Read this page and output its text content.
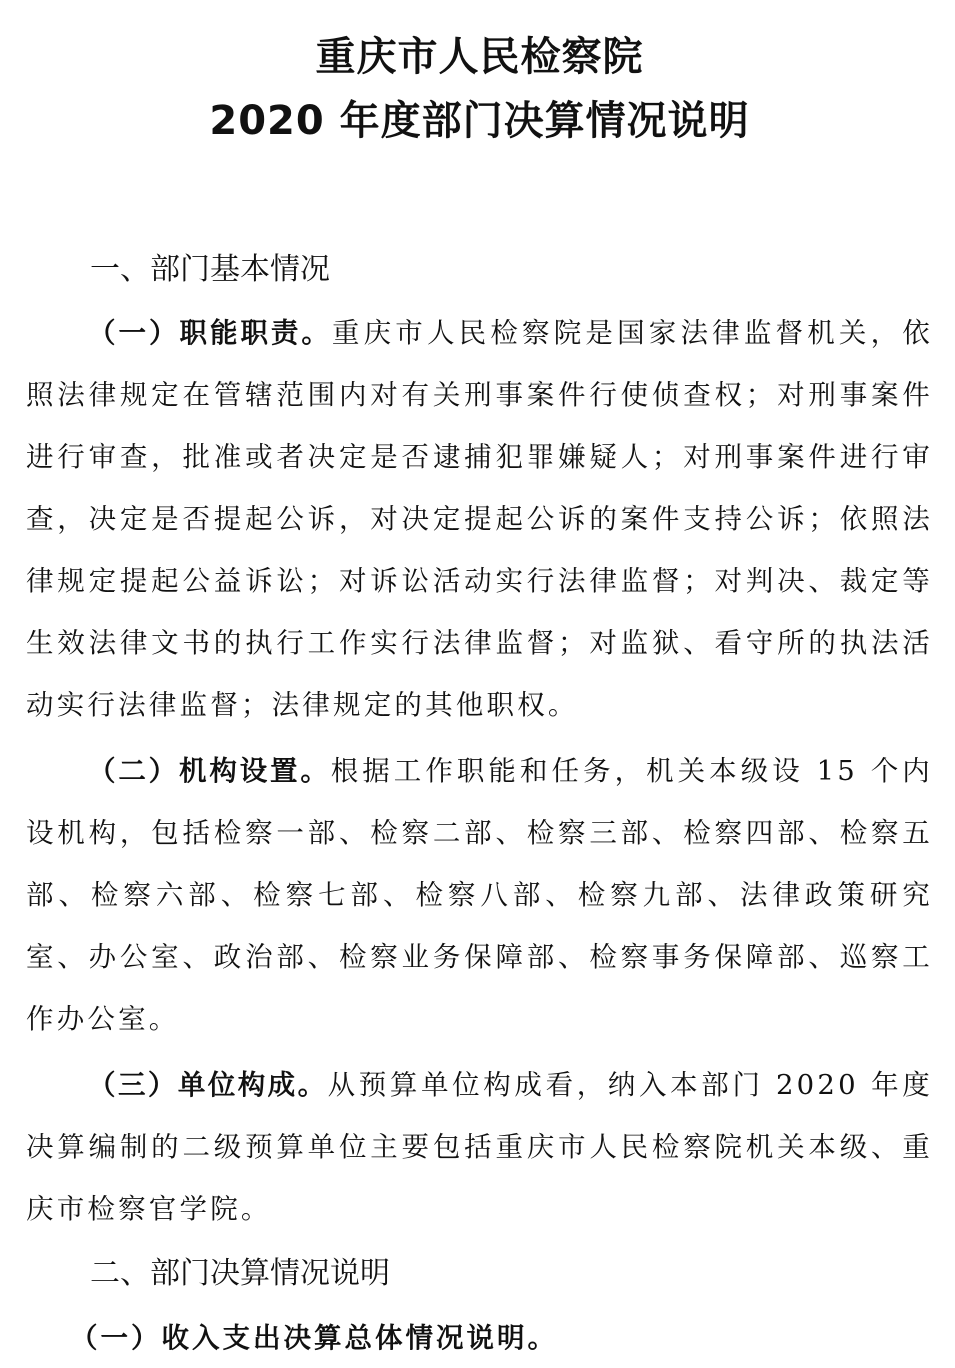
重庆市人民检察院
2020 年度部门决算情况说明
一、部门基本情况

（一）职能职责。重庆市人民检察院是国家法律监督机关，依照法律规定在管辖范围内对有关刑事案件行使侦查权；对刑事案件进行审查，批准或者决定是否逮捕犯罪嫌疑人；对刑事案件进行审查，决定是否提起公诉，对决定提起公诉的案件支持公诉；依照法律规定提起公益诉讼；对诉讼活动实行法律监督；对判决、裁定等生效法律文书的执行工作实行法律监督；对监狱、看守所的执法活动实行法律监督；法律规定的其他职权。

（二）机构设置。根据工作职能和任务，机关本级设 15 个内设机构，包括检察一部、检察二部、检察三部、检察四部、检察五部、检察六部、检察七部、检察八部、检察九部、法律政策研究室、办公室、政治部、检察业务保障部、检察事务保障部、巡察工作办公室。

（三）单位构成。从预算单位构成看，纳入本部门 2020 年度决算编制的二级预算单位主要包括重庆市人民检察院机关本级、重庆市检察官学院。

二、部门决算情况说明
（一）收入支出决算总体情况说明。
